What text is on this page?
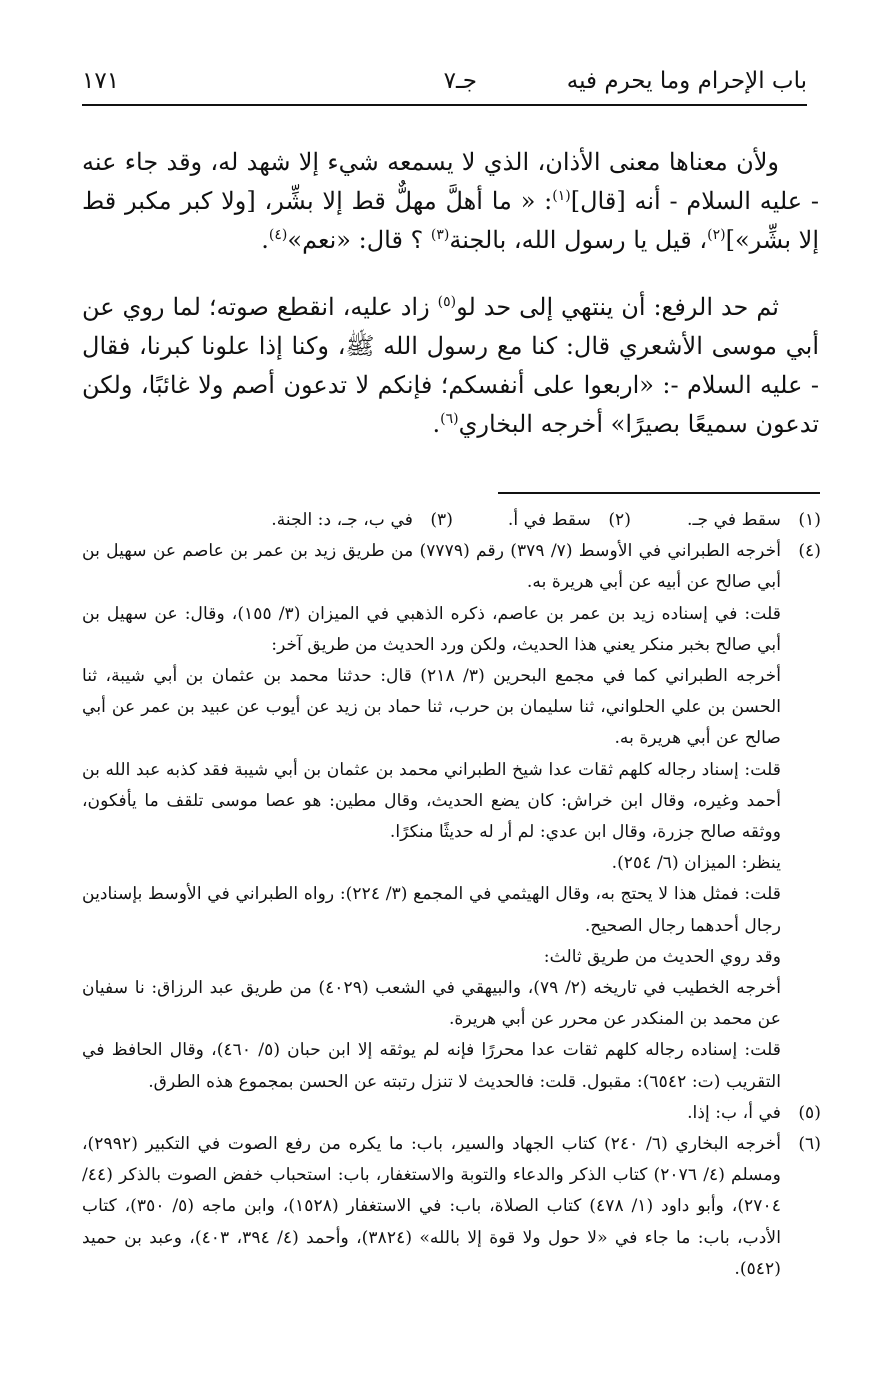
باب الإحرام وما يحرم فيه
جـ٧
١٧١

ولأن معناها معنى الأذان، الذي لا يسمعه شيء إلا شهد له، وقد جاء عنه - عليه السلام - أنه [قال]$^{(١)}$: « ما أهلَّ مهلٌّ قط إلا بشِّر، [ولا كبر مكبر قط إلا بشِّر»]$^{(٢)}$، قيل يا رسول الله، بالجنة$^{(٣)}$ ؟ قال: «نعم»$^{(٤)}$.

ثم حد الرفع: أن ينتهي إلى حد لو$^{(٥)}$ زاد عليه، انقطع صوته؛ لما روي عن أبي موسى الأشعري قال: كنا مع رسول الله ﷺ، وكنا إذا علونا كبرنا، فقال - عليه السلام -: «اربعوا على أنفسكم؛ فإنكم لا تدعون أصم ولا غائبًا، ولكن تدعون سميعًا بصيرًا» أخرجه البخاري$^{(٦)}$.

(١)
سقط في جـ.
(٢)
سقط في أ.
(٣)
في ب، جـ، د: الجنة.
(٤)

أخرجه الطبراني في الأوسط (٧/ ٣٧٩) رقم (٧٧٧٩) من طريق زيد بن عمر بن عاصم عن سهيل بن أبي صالح عن أبيه عن أبي هريرة به.

قلت: في إسناده زيد بن عمر بن عاصم، ذكره الذهبي في الميزان (٣/ ١٥٥)، وقال: عن سهيل بن أبي صالح بخبر منكر يعني هذا الحديث، ولكن ورد الحديث من طريق آخر:

أخرجه الطبراني كما في مجمع البحرين (٣/ ٢١٨) قال: حدثنا محمد بن عثمان بن أبي شيبة، ثنا الحسن بن علي الحلواني، ثنا سليمان بن حرب، ثنا حماد بن زيد عن أيوب عن عبيد بن عمر عن أبي صالح عن أبي هريرة به.

قلت: إسناد رجاله كلهم ثقات عدا شيخ الطبراني محمد بن عثمان بن أبي شيبة فقد كذبه عبد الله بن أحمد وغيره، وقال ابن خراش: كان يضع الحديث، وقال مطين: هو عصا موسى تلقف ما يأفكون، ووثقه صالح جزرة، وقال ابن عدي: لم أر له حديثًا منكرًا.

ينظر: الميزان (٦/ ٢٥٤).

قلت: فمثل هذا لا يحتج به، وقال الهيثمي في المجمع (٣/ ٢٢٤): رواه الطبراني في الأوسط بإسنادين رجال أحدهما رجال الصحيح.

وقد روي الحديث من طريق ثالث:

أخرجه الخطيب في تاريخه (٢/ ٧٩)، والبيهقي في الشعب (٤٠٢٩) من طريق عبد الرزاق: نا سفيان عن محمد بن المنكدر عن محرر عن أبي هريرة.

قلت: إسناده رجاله كلهم ثقات عدا محررًا فإنه لم يوثقه إلا ابن حبان (٥/ ٤٦٠)، وقال الحافظ في التقريب (ت: ٦٥٤٢): مقبول. قلت: فالحديث لا تنزل رتبته عن الحسن بمجموع هذه الطرق.

(٥)
في أ، ب: إذا.
(٦)
أخرجه البخاري (٦/ ٢٤٠) كتاب الجهاد والسير، باب: ما يكره من رفع الصوت في التكبير (٢٩٩٢)، ومسلم (٤/ ٢٠٧٦) كتاب الذكر والدعاء والتوبة والاستغفار، باب: استحباب خفض الصوت بالذكر (٤٤/ ٢٧٠٤)، وأبو داود (١/ ٤٧٨) كتاب الصلاة، باب: في الاستغفار (١٥٢٨)، وابن ماجه (٥/ ٣٥٠)، كتاب الأدب، باب: ما جاء في «لا حول ولا قوة إلا بالله» (٣٨٢٤)، وأحمد (٤/ ٣٩٤، ٤٠٣)، وعبد بن حميد (٥٤٢).
